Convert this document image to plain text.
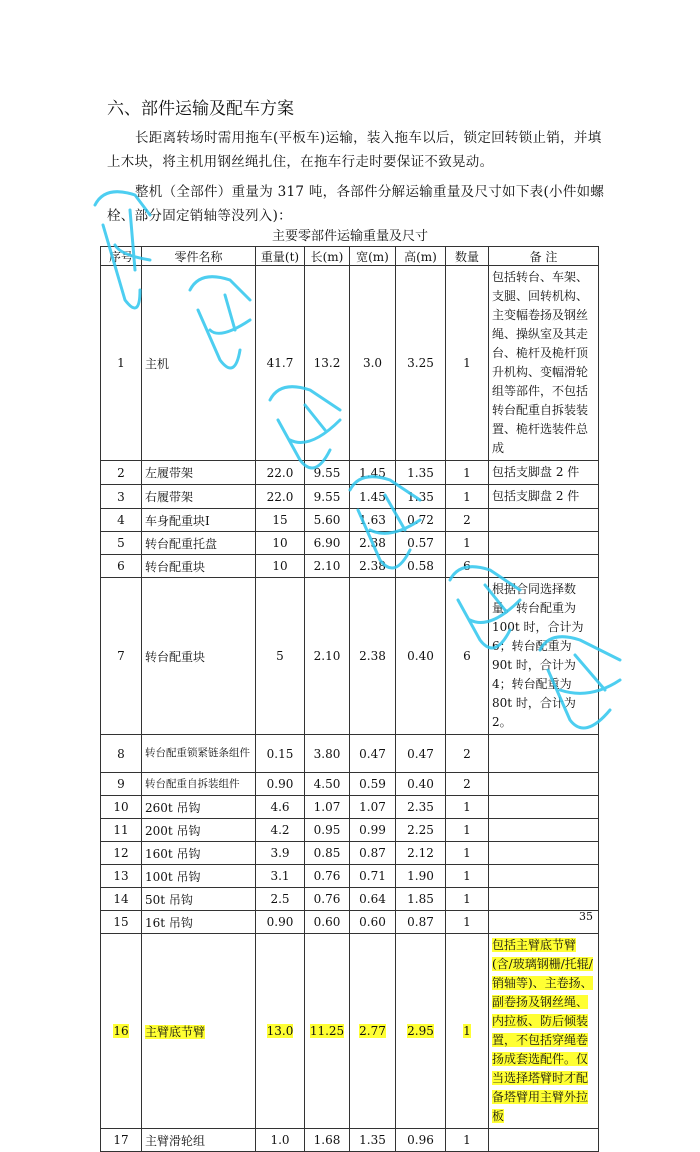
六、部件运输及配车方案
长距离转场时需用拖车(平板车)运输，装入拖车以后，锁定回转锁止销，并填上木块，将主机用钢丝绳扎住，在拖车行走时要保证不致晃动。
整机（全部件）重量为 317 吨，各部件分解运输重量及尺寸如下表(小件如螺栓、部分固定销轴等没列入)：
主要零部件运输重量及尺寸
序号	零件名称	重量(t)	长(m)	宽(m)	高(m)	数量	备 注
1	主机	41.7	13.2	3.0	3.25	1	包括转台、车架、支腿、回转机构、主变幅卷扬及钢丝绳、操纵室及其走台、桅杆及桅杆顶升机构、变幅滑轮组等部件，不包括转台配重自拆装装置、桅杆选装件总成
2	左履带架	22.0	9.55	1.45	1.35	1	包括支脚盘 2 件
3	右履带架	22.0	9.55	1.45	1.35	1	包括支脚盘 2 件
4	车身配重块Ⅰ	15	5.60	1.63	0.72	2	
5	转台配重托盘	10	6.90	2.38	0.57	1	
6	转台配重块	10	2.10	2.38	0.58	6	
7	转台配重块	5	2.10	2.38	0.40	6	根据合同选择数量。转台配重为 100t 时，合计为 6；转台配重为 90t 时，合计为 4；转台配重为 80t 时，合计为 2。
8	转台配重锁紧链条组件	0.15	3.80	0.47	0.47	2	
9	转台配重自拆装组件	0.90	4.50	0.59	0.40	2	
10	260t 吊钩	4.6	1.07	1.07	2.35	1	
11	200t 吊钩	4.2	0.95	0.99	2.25	1	
12	160t 吊钩	3.9	0.85	0.87	2.12	1	
13	100t 吊钩	3.1	0.76	0.71	1.90	1	
14	50t 吊钩	2.5	0.76	0.64	1.85	1	
15	16t 吊钩	0.90	0.60	0.60	0.87	1	
16	主臂底节臂	13.0	11.25	2.77	2.95	1	包括主臂底节臂(含/玻璃钢栅/托辊/销轴等)、主卷扬、副卷扬及钢丝绳、内拉板、防后倾装置，不包括穿绳卷扬成套选配件。仅当选择塔臂时才配备塔臂用主臂外拉板
17	主臂滑轮组	1.0	1.68	1.35	0.96	1	
35
